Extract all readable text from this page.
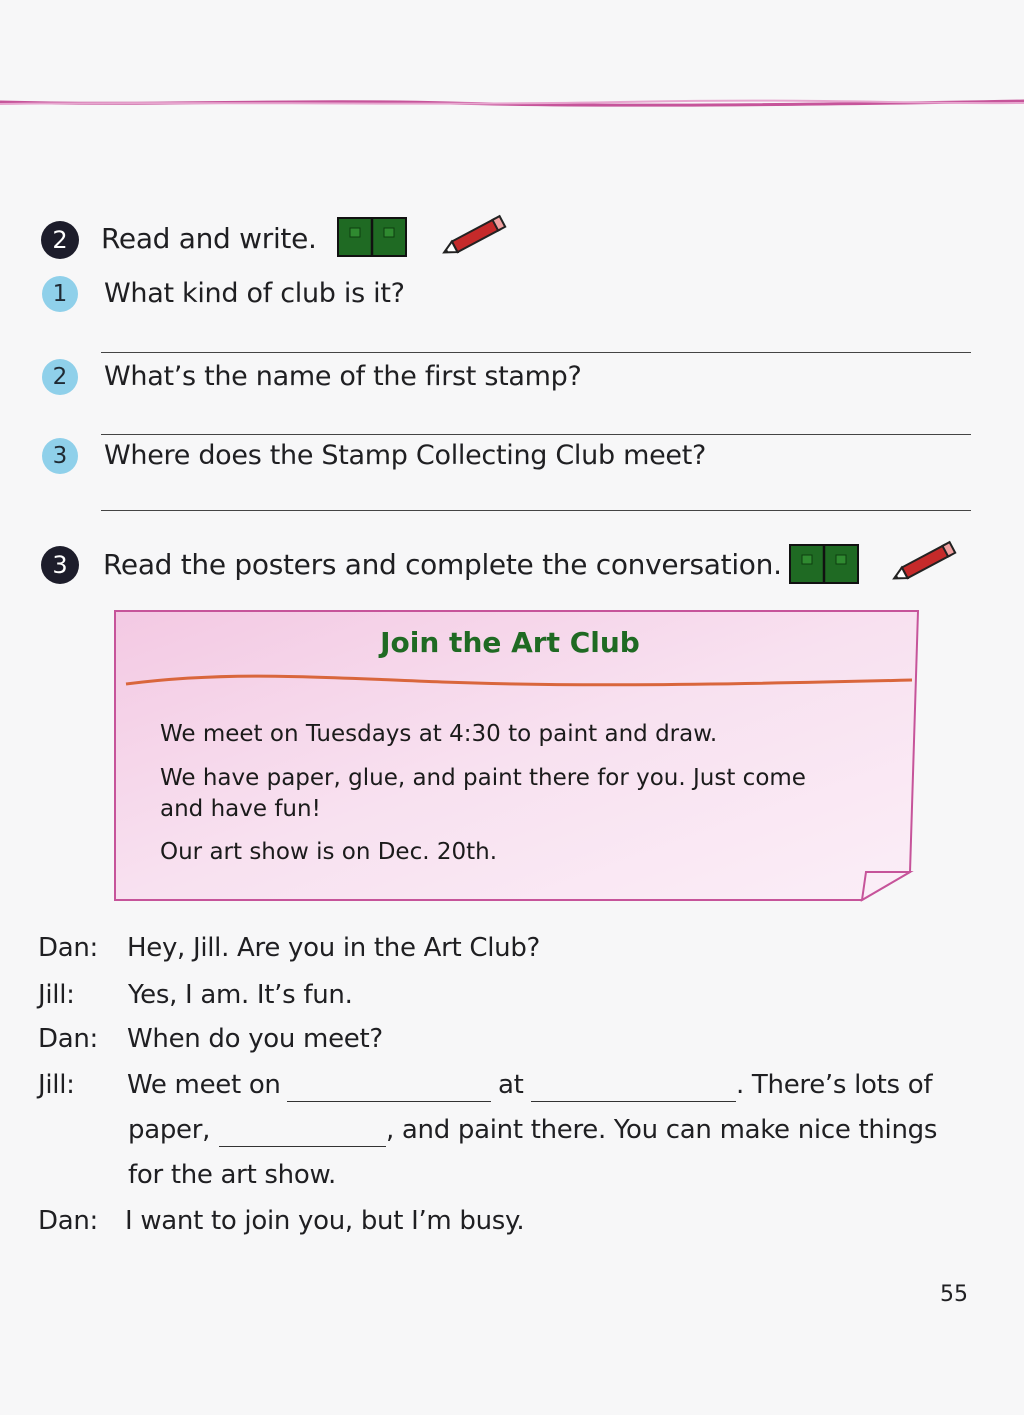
2	Read and write.
1	What kind of club is it?
2	What’s the name of the first stamp?
3	Where does the Stamp Collecting Club meet?
3	Read the posters and complete the conversation.
Join the Art Club
We meet on Tuesdays at 4:30 to paint and draw.
We have paper, glue, and paint there for you. Just come and have fun!
Our art show is on Dec. 20th.
Dan: Hey, Jill. Are you in the Art Club?
Jill: Yes, I am. It’s fun.
Dan: When do you meet?
Jill: We meet on	at	. There’s lots of
paper,	, and paint there. You can make nice things
for the art show.
Dan: I want to join you, but I’m busy.
55
